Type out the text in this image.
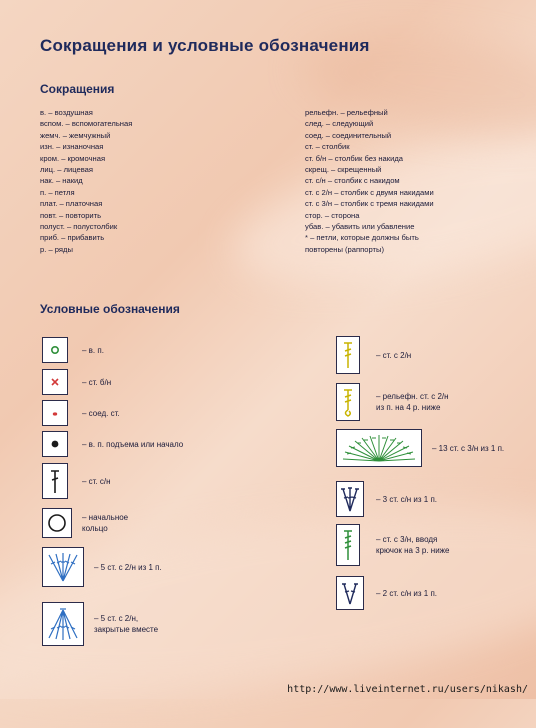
Сокращения и условные обозначения
Сокращения
в. – воздушная
вспом. – вспомогательная
жемч. – жемчужный
изн. – изнаночная
кром. – кромочная
лиц. – лицевая
нак. – накид
п. – петля
плат. – платочная
повт. – повторить
полуст. – полустолбик
приб. – прибавить
р. – ряды
рельефн. – рельефный
след. – следующий
соед. – соединительный
ст. – столбик
ст. б/н – столбик без накида
скрещ. – скрещенный
ст. с/н – столбик с накидом
ст. с 2/н – столбик с двумя накидами
ст. с 3/н – столбик с тремя накидами
стор. – сторона
убав. – убавить или убавление
* – петли, которые должны быть
повторены (раппорты)
Условные обозначения
– в. п.
– ст. б/н
– соед. ст.
– в. п. подъема или начало
– ст. с/н
– начальное
кольцо
– 5 ст. с 2/н из 1 п.
– 5 ст. с 2/н,
закрытые вместе
– ст. с 2/н
– рельефн. ст. с 2/н
из п. на 4 р. ниже
– 13 ст. с 3/н из 1 п.
– 3 ст. с/н из 1 п.
– ст. с 3/н, вводя
крючок на 3 р. ниже
– 2 ст. с/н из 1 п.
http://www.liveinternet.ru/users/nikash/
